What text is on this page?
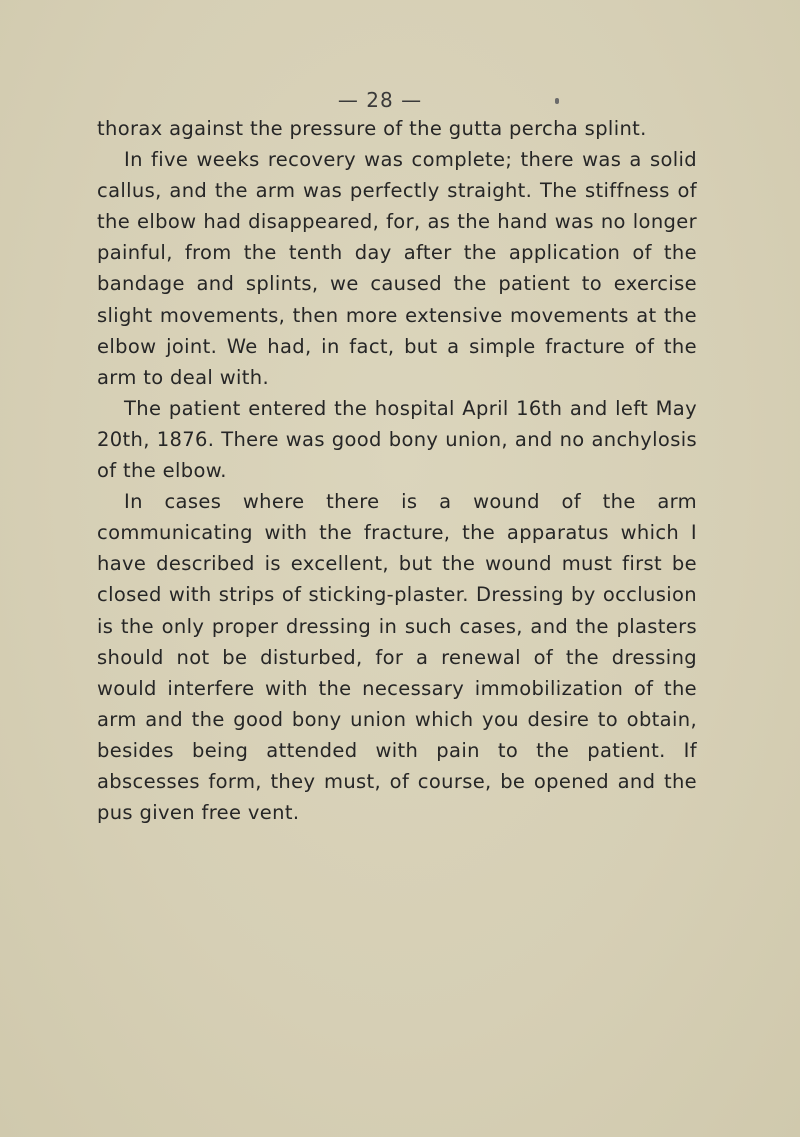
— 28 —

thorax against the pressure of the gutta percha splint.

In five weeks recovery was complete; there was a solid callus, and the arm was perfectly straight. The stiffness of the elbow had disappeared, for, as the hand was no longer painful, from the tenth day after the application of the bandage and splints, we caused the patient to exercise slight movements, then more extensive movements at the elbow joint. We had, in fact, but a simple fracture of the arm to deal with.

The patient entered the hospital April 16th and left May 20th, 1876. There was good bony union, and no anchylosis of the elbow.

In cases where there is a wound of the arm communicating with the fracture, the apparatus which I have described is excellent, but the wound must first be closed with strips of sticking-plaster. Dressing by occlusion is the only proper dressing in such cases, and the plasters should not be disturbed, for a renewal of the dressing would interfere with the necessary immobilization of the arm and the good bony union which you desire to obtain, besides being attended with pain to the patient. If abscesses form, they must, of course, be opened and the pus given free vent.
